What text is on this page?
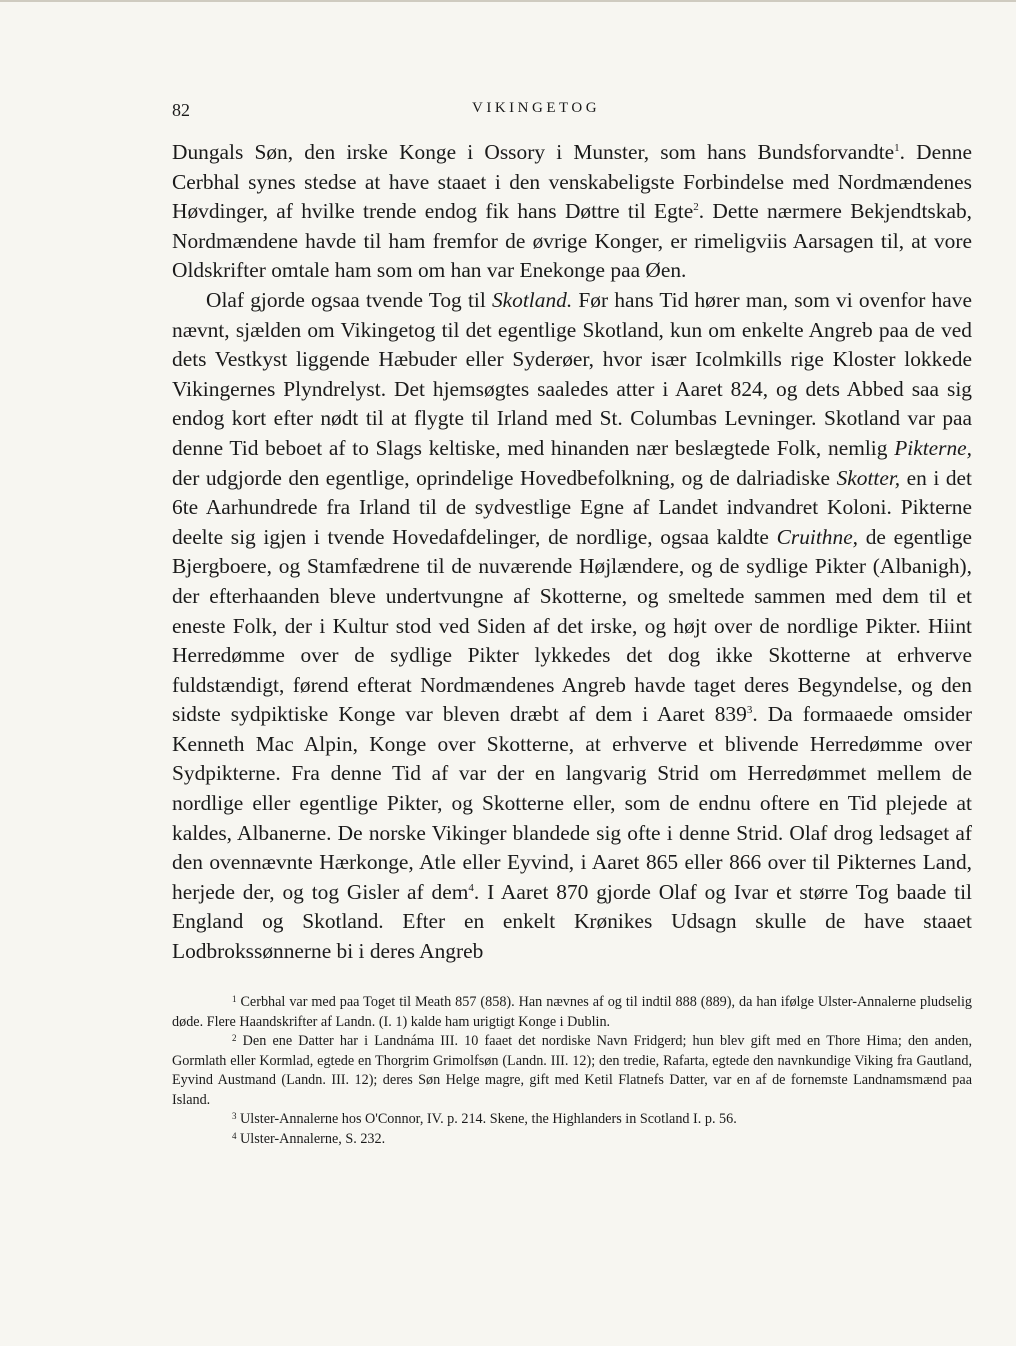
82	VIKINGETOG

Dungals Søn, den irske Konge i Ossory i Munster, som hans Bundsforvandte$^1$. Denne Cerbhal synes stedse at have staaet i den venskabeligste Forbindelse med Nordmændenes Høvdinger, af hvilke trende endog fik hans Døttre til Egte$^2$. Dette nærmere Bekjendtskab, Nordmændene havde til ham fremfor de øvrige Konger, er rimeligviis Aarsagen til, at vore Oldskrifter omtale ham som om han var Enekonge paa Øen.

Olaf gjorde ogsaa tvende Tog til Skotland. Før hans Tid hører man, som vi ovenfor have nævnt, sjælden om Vikingetog til det egentlige Skotland, kun om enkelte Angreb paa de ved dets Vestkyst liggende Hæbuder eller Syderøer, hvor især Icolmkills rige Kloster lokkede Vikingernes Plyndrelyst. Det hjemsøgtes saaledes atter i Aaret 824, og dets Abbed saa sig endog kort efter nødt til at flygte til Irland med St. Columbas Levninger. Skotland var paa denne Tid beboet af to Slags keltiske, med hinanden nær beslægtede Folk, nemlig Pikterne, der udgjorde den egentlige, oprindelige Hovedbefolkning, og de dalriadiske Skotter, en i det 6te Aarhundrede fra Irland til de sydvestlige Egne af Landet indvandret Koloni. Pikterne deelte sig igjen i tvende Hovedafdelinger, de nordlige, ogsaa kaldte Cruithne, de egentlige Bjergboere, og Stamfædrene til de nuværende Højlændere, og de sydlige Pikter (Albanigh), der efterhaanden bleve undertvungne af Skotterne, og smeltede sammen med dem til et eneste Folk, der i Kultur stod ved Siden af det irske, og højt over de nordlige Pikter. Hiint Herredømme over de sydlige Pikter lykkedes det dog ikke Skotterne at erhverve fuldstændigt, førend efterat Nordmændenes Angreb havde taget deres Begyndelse, og den sidste sydpiktiske Konge var bleven dræbt af dem i Aaret 839$^3$. Da formaaede omsider Kenneth Mac Alpin, Konge over Skotterne, at erhverve et blivende Herredømme over Sydpikterne. Fra denne Tid af var der en langvarig Strid om Herredømmet mellem de nordlige eller egentlige Pikter, og Skotterne eller, som de endnu oftere en Tid plejede at kaldes, Albanerne. De norske Vikinger blandede sig ofte i denne Strid. Olaf drog ledsaget af den ovennævnte Hærkonge, Atle eller Eyvind, i Aaret 865 eller 866 over til Pikternes Land, herjede der, og tog Gisler af dem$^4$. I Aaret 870 gjorde Olaf og Ivar et større Tog baade til England og Skotland. Efter en enkelt Krønikes Udsagn skulle de have staaet Lodbrokssønnerne bi i deres Angreb

$^1$ Cerbhal var med paa Toget til Meath 857 (858). Han nævnes af og til indtil 888 (889), da han ifølge Ulster-Annalerne pludselig døde. Flere Haandskrifter af Landn. (I. 1) kalde ham urigtigt Konge i Dublin.

$^2$ Den ene Datter har i Landnáma III. 10 faaet det nordiske Navn Fridgerd; hun blev gift med en Thore Hima; den anden, Gormlath eller Kormlad, egtede en Thorgrim Grimolfsøn (Landn. III. 12); den tredie, Rafarta, egtede den navnkundige Viking fra Gautland, Eyvind Austmand (Landn. III. 12); deres Søn Helge magre, gift med Ketil Flatnefs Datter, var en af de fornemste Landnamsmænd paa Island.

$^3$ Ulster-Annalerne hos O'Connor, IV. p. 214. Skene, the Highlanders in Scotland I. p. 56.

$^4$ Ulster-Annalerne, S. 232.
